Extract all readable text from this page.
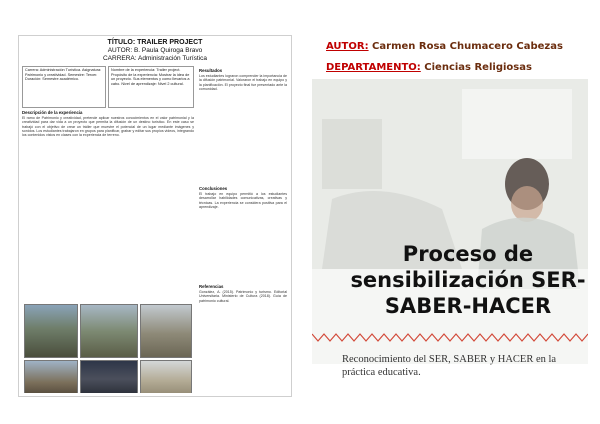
TÍTULO: TRAILER PROJECT
AUTOR: B. Paula Quiroga Bravo
CARRERA: Administración Turística
Carrera: Administración Turística. Asignatura: Patrimonio y creatividad. Semestre: Tercer. Duración: Semestre académico.
Nombre de la experiencia: Trailer project. Propósito de la experiencia: Mostrar la idea de un proyecto. Sus elementos y como llevarlos a cabo. Nivel de aprendizaje: Nivel 2 cultural.
Descripción de la experiencia
El ramo de Patrimonio y creatividad, pretende aplicar nuestros conocimientos en el valor patrimonial y la creatividad para dar vida a un proyecto que permita la difusión de un destino turístico. En este caso se trabajó con el objetivo de crear un tráiler que muestre el potencial de un lugar mediante imágenes y sonidos. Los estudiantes trabajaron en grupos para planificar, grabar y editar sus propios videos, integrando los contenidos vistos en clases con la experiencia de terreno.
Resultados
Los estudiantes lograron comprender la importancia de la difusión patrimonial. Valoraron el trabajo en equipo y la planificación. El proyecto final fue presentado ante la comunidad.
Conclusiones
El trabajo en equipo permitió a los estudiantes desarrollar habilidades comunicativas, creativas y técnicas. La experiencia se considera positiva para el aprendizaje.
Referencias
González, A. (2015). Patrimonio y turismo. Editorial Universitaria. Ministerio de Cultura (2018). Guía de patrimonio cultural.
AUTOR: Carmen Rosa Chumacero Cabezas
DEPARTAMENTO: Ciencias Religiosas
Proceso de
sensibilización SER-
SABER-HACER
Reconocimiento del SER, SABER y HACER en la práctica educativa.
